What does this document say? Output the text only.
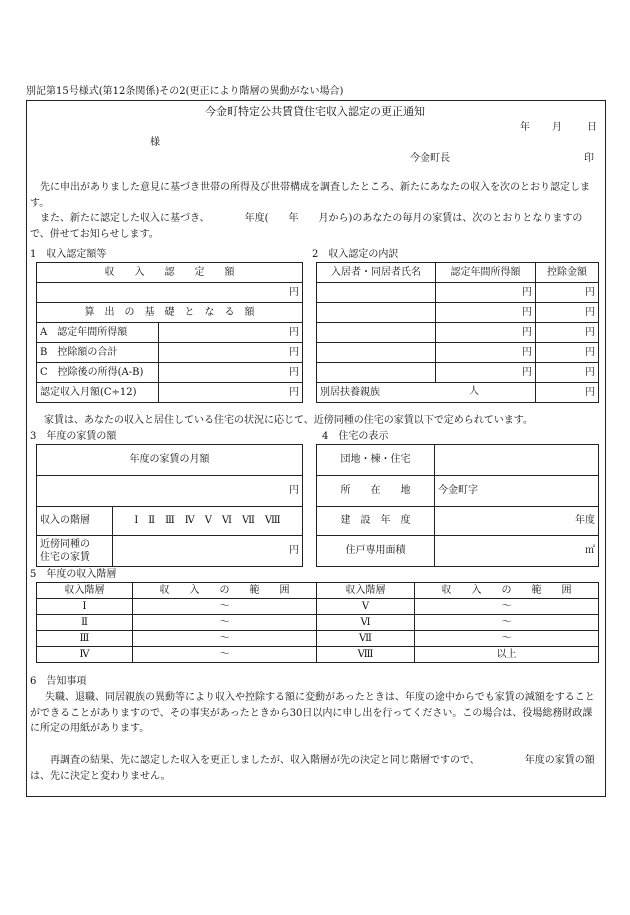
別記第15号様式(第12条関係)その2(更正により階層の異動がない場合)
今金町特定公共賃貸住宅収入認定の更正通知
年 月	日
様
今金町長	印
先に申出がありました意見に基づき世帯の所得及び世帯構成を調査したところ、新たにあなたの収入を次のとおり認定します。
また、新たに認定した収入に基づき、　　　　年度(　　年　　月から)のあなたの毎月の家賃は、次のとおりとなりますので、併せてお知らせします。
1　収入認定額等
収　　入　　認　　定　　額	
円	
算　出　の　基　礎　と　な　る　額	
A　認定年間所得額	円
B　控除額の合計	円
C　控除後の所得(A-B)	円
認定収入月額(C÷12)	円
2　収入認定の内訳
入居者・同居者氏名	認定年間所得額	控除金額
	円	円
	円	円
	円	円
	円	円
	円	円
別居扶養親族 人		円
家賃は、あなたの収入と居住している住宅の状況に応じて、近傍同種の住宅の家賃以下で定められています。
3　年度の家賃の額
年度の家賃の月額	
円	
収入の階層	Ⅰ　Ⅱ　Ⅲ　Ⅳ　Ⅴ　Ⅵ　Ⅶ　Ⅷ
近傍同種の
住宅の家賃	円
4　住宅の表示
団地・棟・住宅	
所　　在　　地	今金町字
建　設　年　度	年度
住戸専用面積	㎡
5　年度の収入階層
収入階層	収　　入　　の　　範　　囲	収入階層	収　　入　　の　　範　　囲
Ⅰ	～	Ⅴ	～
Ⅱ	～	Ⅵ	～
Ⅲ	～	Ⅶ	～
Ⅳ	～	Ⅷ	以上
6　告知事項
失職、退職、同居親族の異動等により収入や控除する額に変動があったときは、年度の途中からでも家賃の減額をすることができることがありますので、その事実があったときから30日以内に申し出を行ってください。この場合は、役場総務財政課に所定の用紙があります。
再調査の結果、先に認定した収入を更正しましたが、収入階層が先の決定と同じ階層ですので、　　　　　年度の家賃の額は、先に決定と変わりません。
